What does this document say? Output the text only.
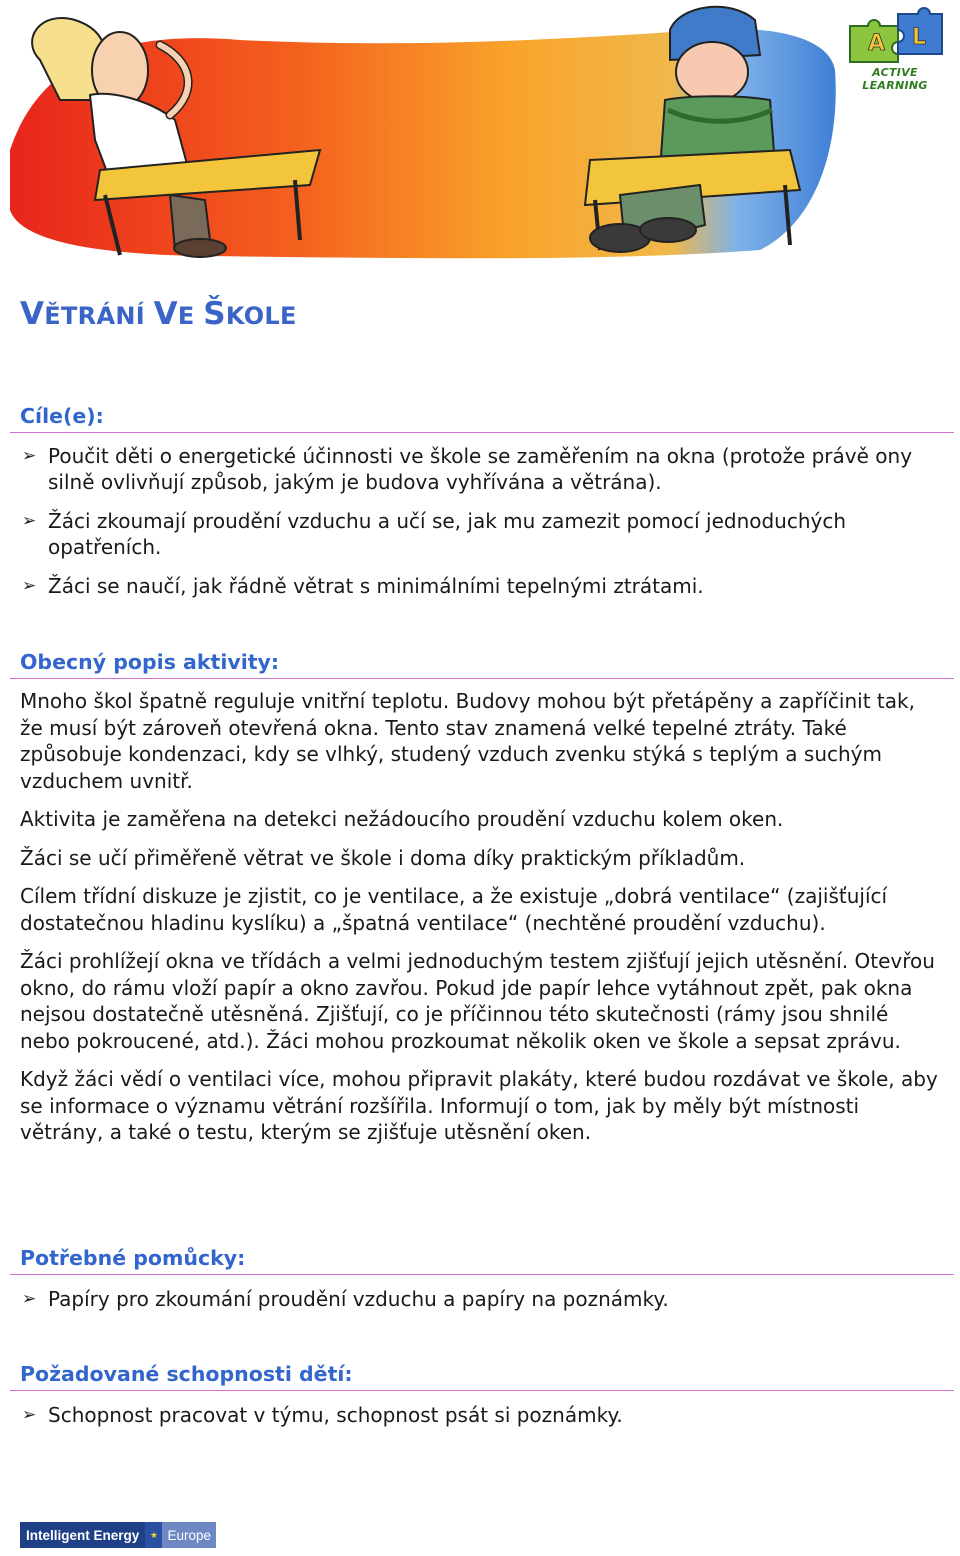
A L
ACTIVE LEARNING
VĚTRÁNÍ VE ŠKOLE
Cíle(e):
➢ Poučit děti o energetické účinnosti ve škole se zaměřením na okna (protože právě ony silně ovlivňují způsob, jakým je budova vyhřívána a větrána).
➢ Žáci zkoumají proudění vzduchu a učí se, jak mu zamezit pomocí jednoduchých opatřeních.
➢ Žáci se naučí, jak řádně větrat s minimálními tepelnými ztrátami.
Obecný popis aktivity:

Mnoho škol špatně reguluje vnitřní teplotu. Budovy mohou být přetápěny a zapříčinit tak, že musí být zároveň otevřená okna. Tento stav znamená velké tepelné ztráty. Také způsobuje kondenzaci, kdy se vlhký, studený vzduch zvenku stýká s teplým a suchým vzduchem uvnitř.

Aktivita je zaměřena na detekci nežádoucího proudění vzduchu kolem oken.

Žáci se učí přiměřeně větrat ve škole i doma díky praktickým příkladům.

Cílem třídní diskuze je zjistit, co je ventilace, a že existuje „dobrá ventilace“ (zajišťující dostatečnou hladinu kyslíku) a „špatná ventilace“ (nechtěné proudění vzduchu).

Žáci prohlížejí okna ve třídách a velmi jednoduchým testem zjišťují jejich utěsnění. Otevřou okno, do rámu vloží papír a okno zavřou. Pokud jde papír lehce vytáhnout zpět, pak okna nejsou dostatečně utěsněná. Zjišťují, co je příčinnou této skutečnosti (rámy jsou shnilé nebo pokroucené, atd.). Žáci mohou prozkoumat několik oken ve škole a sepsat zprávu.

Když žáci vědí o ventilaci více, mohou připravit plakáty, které budou rozdávat ve škole, aby se informace o významu větrání rozšířila. Informují o tom, jak by měly být místnosti větrány, a také o testu, kterým se zjišťuje utěsnění oken.

Potřebné pomůcky:
➢ Papíry pro zkoumání proudění vzduchu a papíry na poznámky.
Požadované schopnosti dětí:
➢ Schopnost pracovat v týmu, schopnost psát si poznámky.
Intelligent Energy	★ Europe
